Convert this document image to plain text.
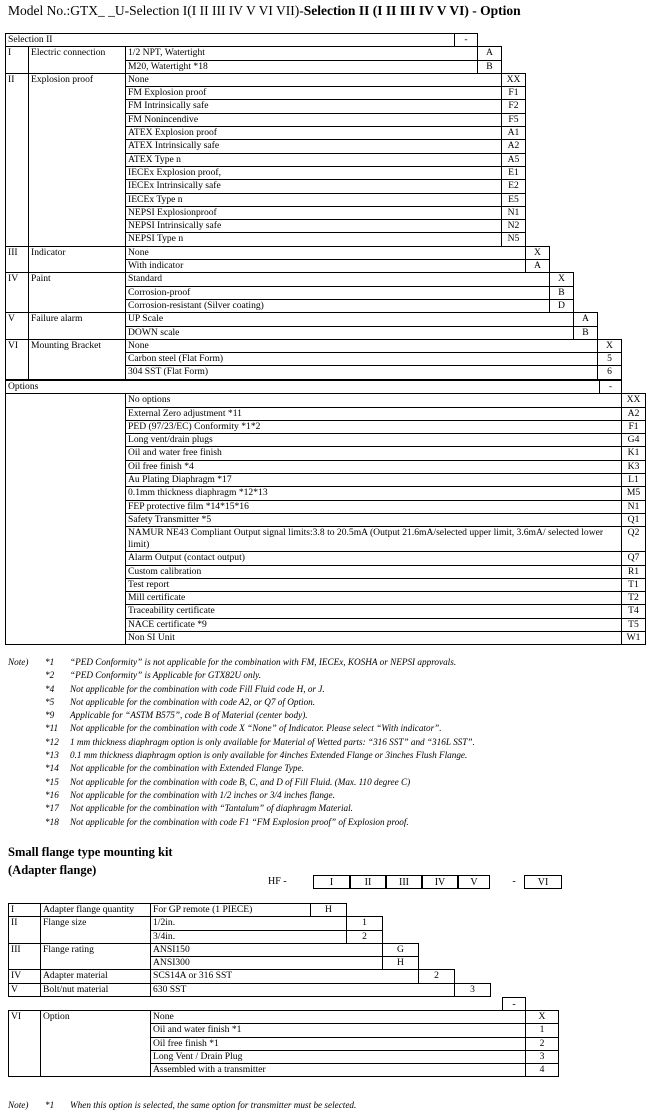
Model No.:GTX_ _U-Selection I(I II III IV V VI VII)-Selection II (I II III IV V VI) - Option
Selection II			-						
I	Electric connection	1/2 NPT, Watertight		A					
		M20, Watertight *18		B					
II	Explosion proof	None			XX				
		FM Explosion proof			F1				
		FM Intrinsically safe			F2				
		FM Nonincendive			F5				
		ATEX Explosion proof			A1				
		ATEX Intrinsically safe			A2				
		ATEX Type n			A5				
		IECEx Explosion proof,			E1				
		IECEx Intrinsically safe			E2				
		IECEx Type n			E5				
		NEPSI Explosionproof			N1				
		NEPSI Intrinsically safe			N2				
		NEPSI Type n			N5				
III	Indicator	None				X			
		With indicator				A			
IV	Paint	Standard					X		
		Corrosion-proof					B		
		Corrosion-resistant (Silver coating)					D		
V	Failure alarm	UP Scale						A	
		DOWN scale						B	
VI	Mounting Bracket	None							X
		Carbon steel (Flat Form)							5
		304 SST (Flat Form)							6
Options		-	
	No options		XX
	External Zero adjustment *11		A2
	PED (97/23/EC) Conformity *1*2		F1
	Long vent/drain plugs		G4
	Oil and water free finish		K1
	Oil free finish *4		K3
	Au Plating Diaphragm *17		L1
	0.1mm thickness diaphragm *12*13		M5
	FEP protective film *14*15*16		N1
	Safety Transmitter *5		Q1
	NAMUR NE43 Compliant Output signal limits:3.8 to 20.5mA (Output 21.6mA/selected upper limit, 3.6mA/ selected lower limit)		Q2
	Alarm Output (contact output)		Q7
	Custom calibration		R1
	Test report		T1
	Mill certificate		T2
	Traceability certificate		T4
	NACE certificate *9		T5
	Non SI Unit		W1
Note)	*1	“PED Conformity” is not applicable for the combination with FM, IECEx, KOSHA or NEPSI approvals.
*2	“PED Conformity” is Applicable for GTX82U only.
*4	Not applicable for the combination with code Fill Fluid code H, or J.
*5	Not applicable for the combination with code A2, or Q7 of Option.
*9	Applicable for “ASTM B575”, code B of Material (center body).
*11	Not applicable for the combination with code X “None” of Indicator. Please select “With indicator”.
*12	1 mm thickness diaphragm option is only available for Material of Wetted parts: “316 SST” and “316L SST”.
*13	0.1 mm thickness diaphragm option is only available for 4inches Extended Flange or 3inches Flush Flange.
*14	Not applicable for the combination with Extended Flange Type.
*15	Not applicable for the combination with code B, C, and D of Fill Fluid. (Max. 110 degree C)
*16	Not applicable for the combination with 1/2 inches or 3/4 inches flange.
*17	Not applicable for the combination with “Tantalum” of diaphragm Material.
*18	Not applicable for the combination with code F1 “FM Explosion proof” of Explosion proof.
Small flange type mounting kit
(Adapter flange)
HF -	I	II	III	IV	V	-	VI
I	Adapter flange quantity	For GP remote (1 PIECE)	H				
II	Flange size	1/2in.		1			
		3/4in.		2			
III	Flange rating	ANSI150			G		
		ANSI300			H		
IV	Adapter material	SCS14A or 316 SST				2	
V	Bolt/nut material	630 SST					3
-
VI	Option	None	X
		Oil and water finish *1	1
		Oil free finish *1	2
		Long Vent / Drain Plug	3
		Assembled with a transmitter	4
Note)	*1	When this option is selected, the same option for transmitter must be selected.
